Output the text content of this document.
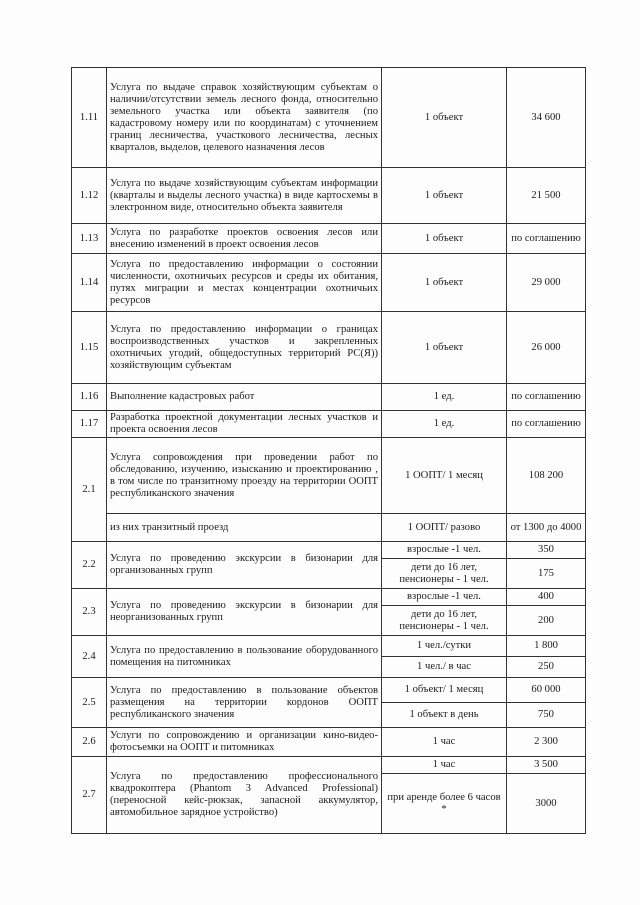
1.11	Услуга по выдаче справок хозяйствующим субъектам о наличии/отсутствии земель лесного фонда, относительно земельного участка или объекта заявителя (по кадастровому номеру или по координатам) с уточнением границ лесничества, участкового лесничества, лесных кварталов, выделов, целевого назначения лесов	1 объект	34 600
1.12	Услуга по выдаче хозяйствующим субъектам информации (кварталы и выделы лесного участка) в виде картосхемы в электронном виде, относительно объекта заявителя	1 объект	21 500
1.13	Услуга по разработке проектов освоения лесов или внесению изменений в проект освоения лесов	1 объект	по соглашению
1.14	Услуга по предоставлению информации о состоянии численности, охотничьих ресурсов и среды их обитания, путях миграции и местах концентрации охотничьих ресурсов	1 объект	29 000
1.15	Услуга по предоставлению информации о границах воспроизводственных участков и закрепленных охотничьих угодий, общедоступных территорий РС(Я)) хозяйствующим субъектам	1 объект	26 000
1.16	Выполнение кадастровых работ	1 ед.	по соглашению
1.17	Разработка проектной документации лесных участков и проекта освоения лесов	1 ед.	по соглашению
2.1	Услуга сопровождения при проведении работ по обследованию, изучению, изысканию и проектированию , в том числе по транзитному проезду на территории ООПТ республиканского значения	1 ООПТ/ 1 месяц	108 200
	из них транзитный проезд	1 ООПТ/ разово	от 1300 до 4000
2.2	Услуга по проведению экскурсии в бизонарии для организованных групп	взрослые -1 чел.	350
		дети до 16 лет, пенсионеры - 1 чел.	175
2.3	Услуга по проведению экскурсии в бизонарии для неорганизованных групп	взрослые -1 чел.	400
		дети до 16 лет, пенсионеры - 1 чел.	200
2.4	Услуга по предоставлению в пользование оборудованного помещения на питомниках	1 чел./сутки	1 800
		1 чел./ в час	250
2.5	Услуга по предоставлению в пользование объектов размещения на территории кордонов ООПТ республиканского значения	1 объект/ 1 месяц	60 000
		1 объект в день	750
2.6	Услуги по сопровождению и организации кино-видео- фотосъемки на ООПТ и питомниках	1 час	2 300
2.7	Услуга по предоставлению профессионального квадрокоптера (Phantom 3 Advanced Professional) (переносной кейс-рюкзак, запасной аккумулятор, автомобильное зарядное устройство)	1 час	3 500
		при аренде более 6 часов *	3000
